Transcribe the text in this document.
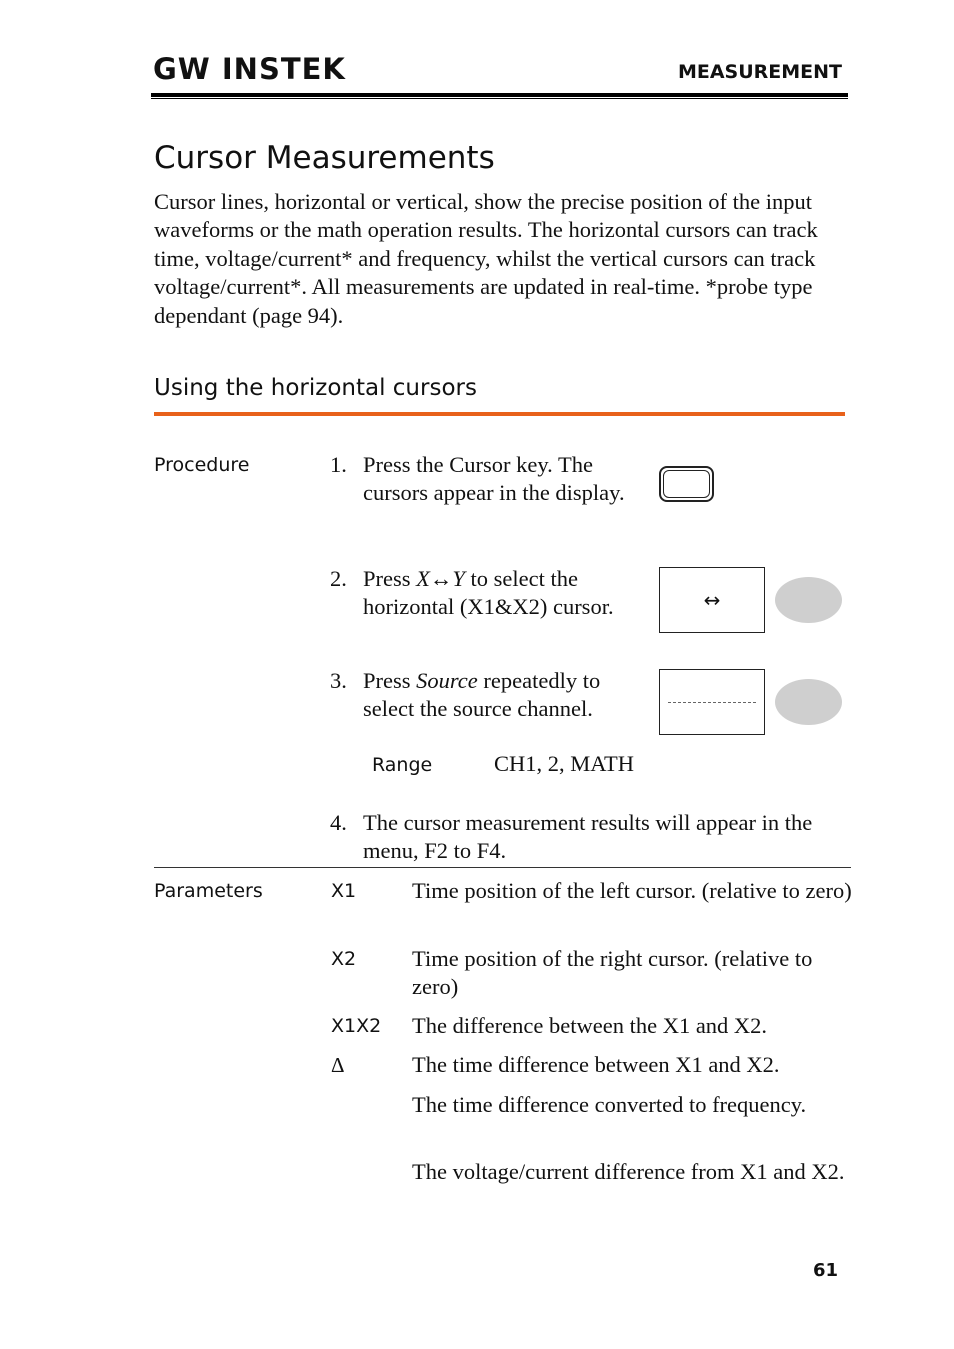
GW INSTEK	MEASUREMENT
Cursor Measurements

Cursor lines, horizontal or vertical, show the precise position of the input waveforms or the math operation results. The horizontal cursors can track time, voltage/current* and frequency, whilst the vertical cursors can track voltage/current*. All measurements are updated in real-time. *probe type dependant (page 94).

Using the horizontal cursors
Procedure	1. Press the Cursor key. The cursors appear in the display.
2. Press X↔Y to select the horizontal (X1&X2) cursor.	↔
3. Press Source repeatedly to select the source channel.
Range	CH1, 2, MATH
4. The cursor measurement results will appear in the menu, F2 to F4.
Parameters	X1 Time position of the left cursor. (relative to zero)
X2 Time position of the right cursor. (relative to zero)
X1X2 The difference between the X1 and X2.
Δ	The time difference between X1 and X2.
The time difference converted to frequency.
The voltage/current difference from X1 and X2.
61
